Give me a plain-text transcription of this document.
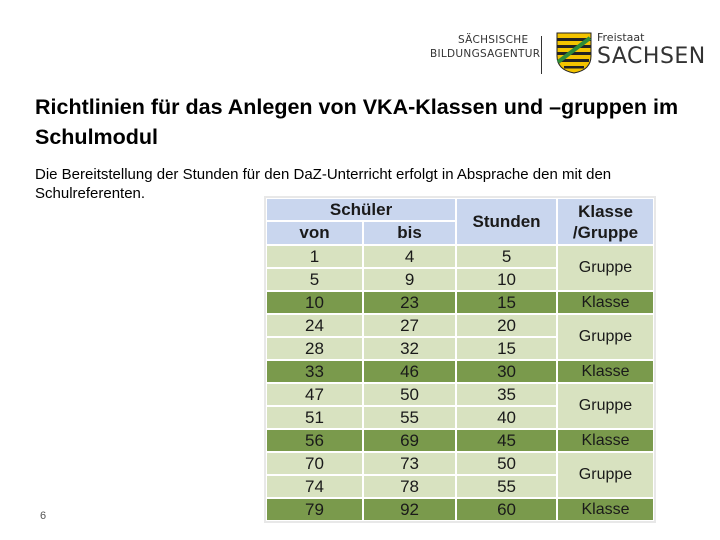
SÄCHSISCHE
BILDUNGSAGENTUR
Freistaat
SACHSEN
Richtlinien für das Anlegen von VKA-Klassen und –gruppen im Schulmodul
Die Bereitstellung der Stunden für den DaZ-Unterricht erfolgt in Absprache den mit den Schulreferenten.
Schüler		Stunden	Klasse /Gruppe
von	bis		
1	4	5	Gruppe
5	9	10	
10	23	15	Klasse
24	27	20	Gruppe
28	32	15	
33	46	30	Klasse
47	50	35	Gruppe
51	55	40	
56	69	45	Klasse
70	73	50	Gruppe
74	78	55	
79	92	60	Klasse
6
